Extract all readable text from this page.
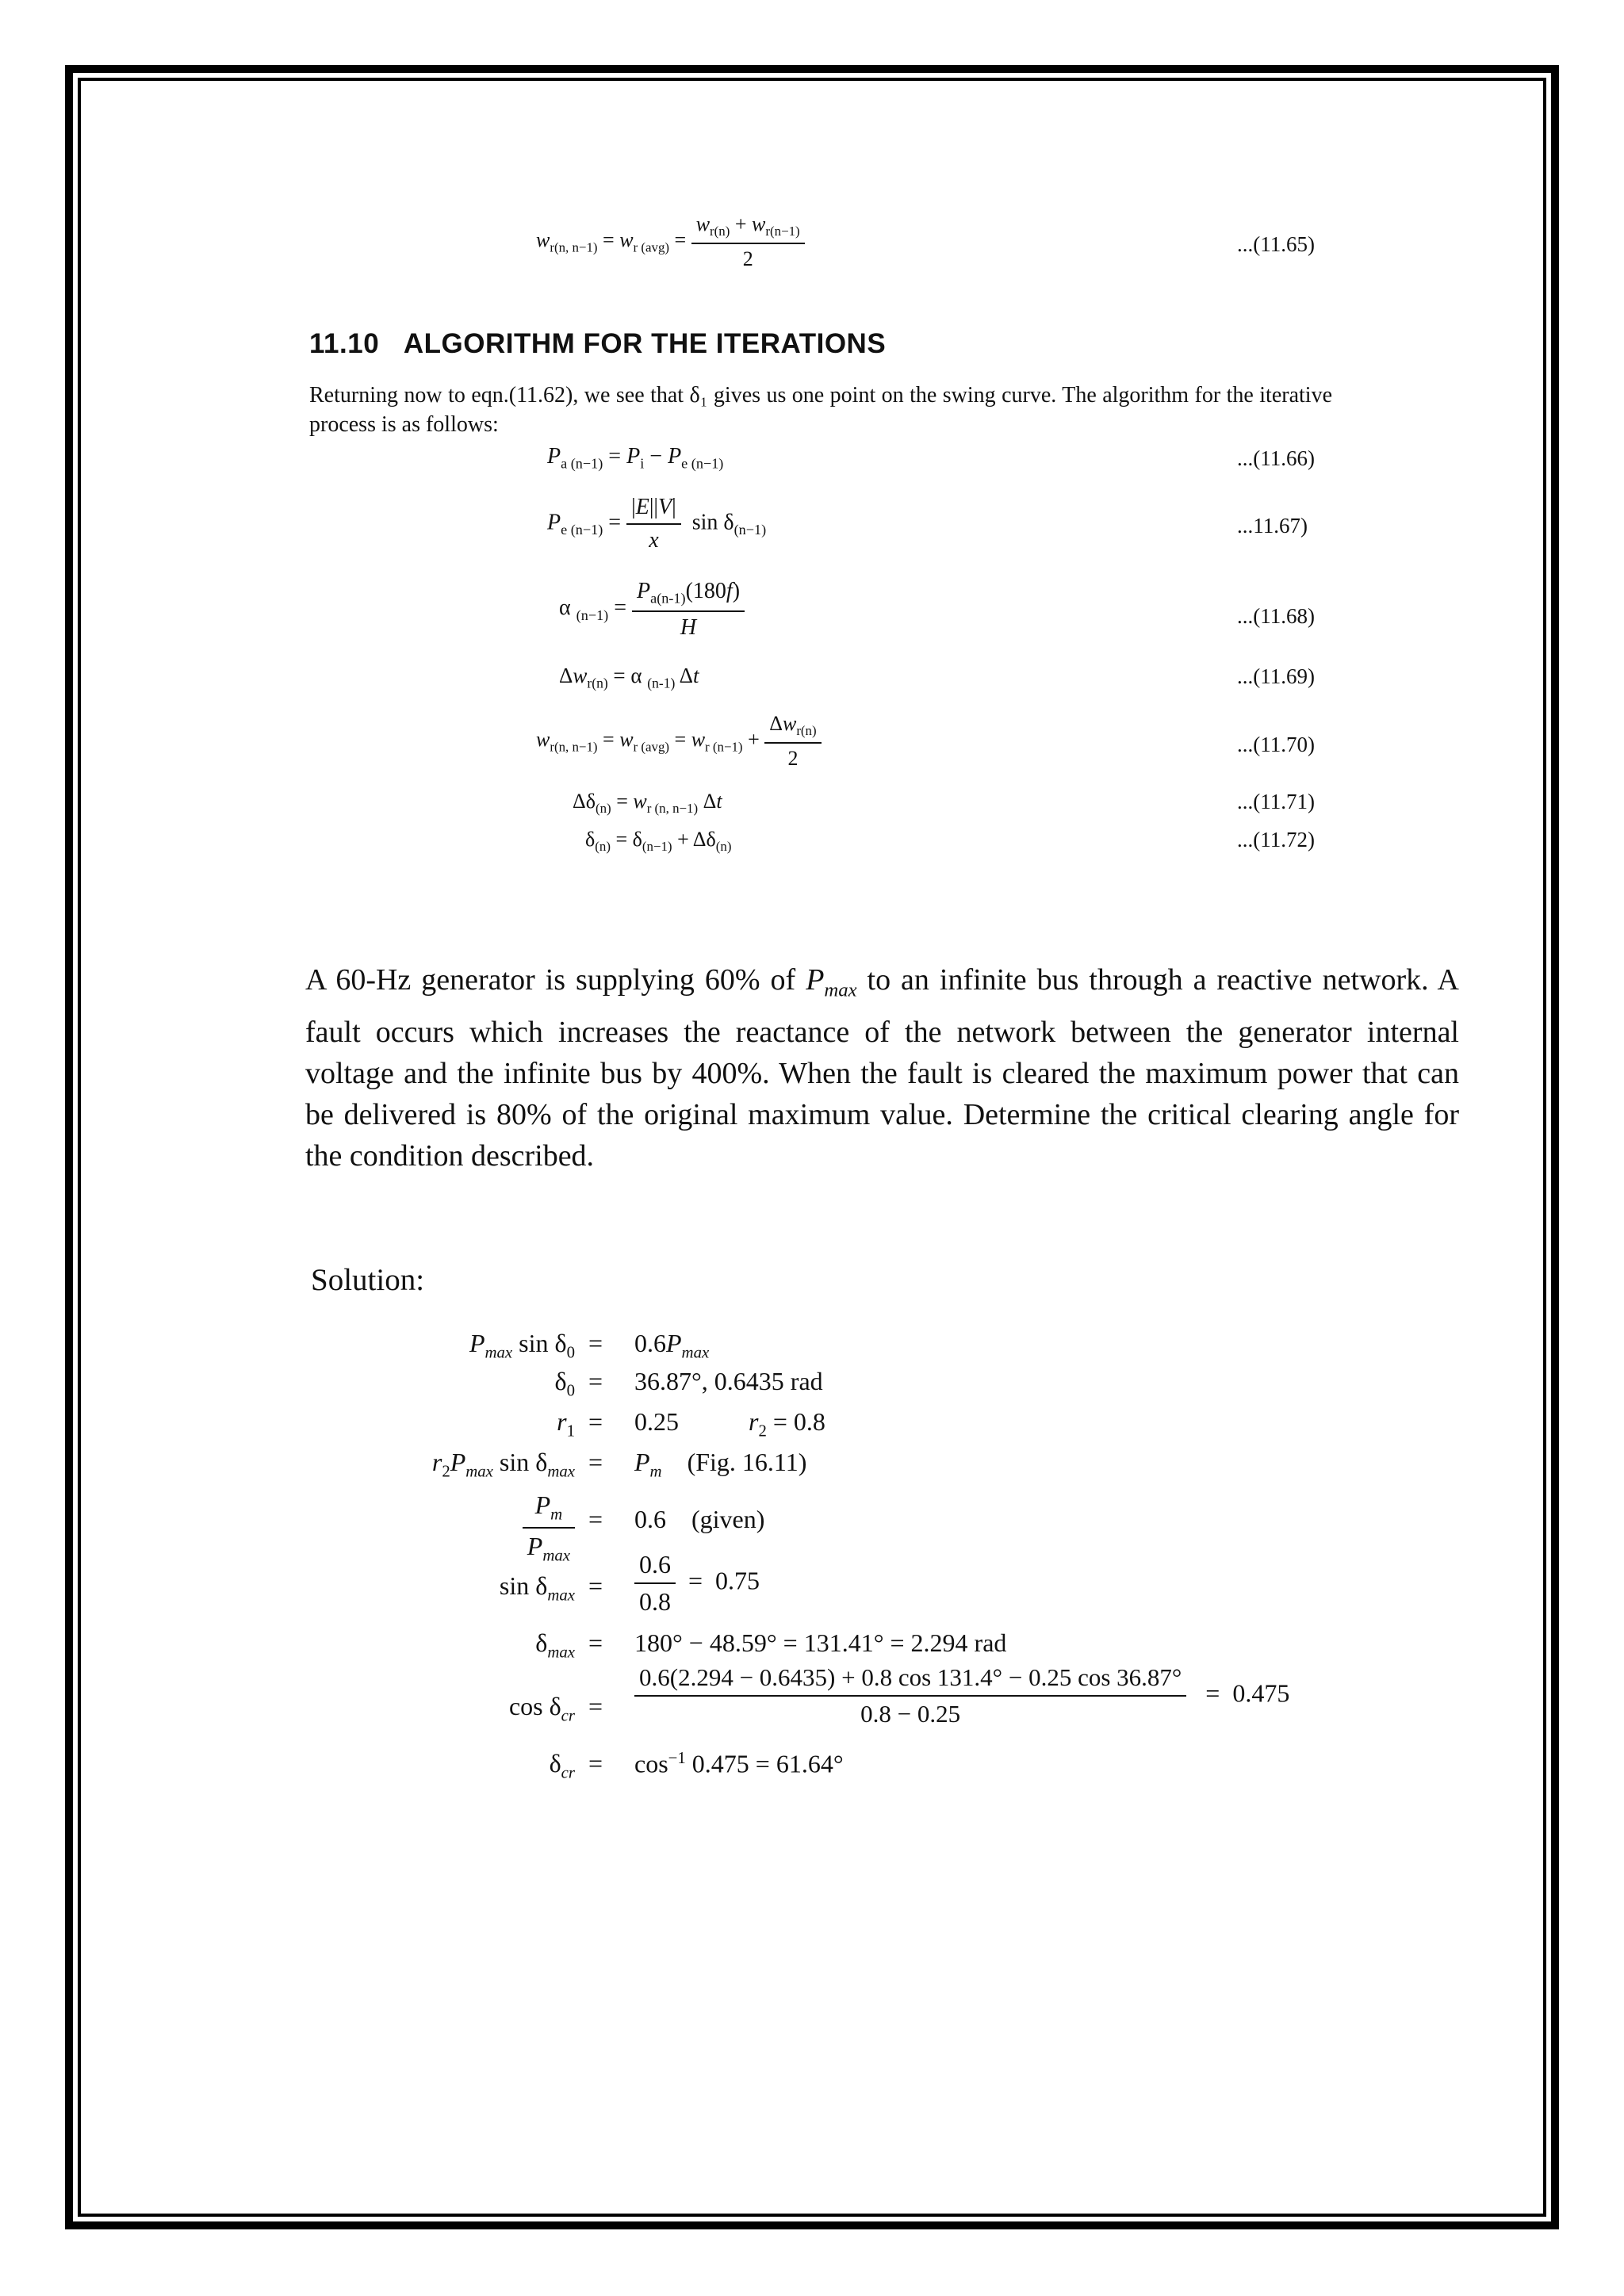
$w_{r(n, n-1)} = w_{r (avg)} = \frac{w_{r(n)} + w_{r(n-1)}}{2}$	...(11.65)
11.10 ALGORITHM FOR THE ITERATIONS
Returning now to eqn.(11.62), we see that δ₁ gives us one point on the swing curve. The algorithm for the iterative process is as follows:
$P_{a (n-1)} = P_i - P_{e (n-1)}$	...(11.66)
$P_{e (n-1)} = \frac{|E||V|}{x}$ $\sin \delta_{(n-1)}$	...11.67)
α $_{(n-1)} = \frac{P_{a(n-1)}(180f)}{H}$	...(11.68)
$\Delta w_{r(n)} = \alpha$ $_{(n-1)}$ Δt	...(11.69)
$w_{r(n, n-1)} = w_{r (avg)} = w_{r (n-1)} + \frac{\Delta w_{r(n)}}{2}$	...(11.70)
$\Delta\delta_{(n)} = w_{r (n, n-1)}$ Δt	...(11.71)
$\delta_{(n)} = \delta_{(n-1)} + \Delta\delta_{(n)}$	...(11.72)
A 60-Hz generator is supplying 60% of $P_{max}$ to an infinite bus through a reactive network. A fault occurs which increases the reactance of the network between the generator internal voltage and the infinite bus by 400%. When the fault is cleared the maximum power that can be delivered is 80% of the original maximum value. Determine the critical clearing angle for the condition described.
Solution:
$P_{max}$ $\sin \delta_0 = 0.6P_{max}$
$\delta_0 = 36.87^\circ$, 0.6435 rad
$r_1 = 0.25$	$r_2 = 0.8$
$r_2P_{max}$ $\sin \delta_{max} = P_m$ (Fig. 16.11)
$\frac{P_m}{P_{max}} = 0.6$ (given)
$\sin \delta_{max} = \frac{0.6}{0.8} = 0.75$
$\delta_{max} = 180^\circ - 48.59^\circ = 131.41^\circ = 2.294$ rad
$\cos \delta_{cr} = \frac{0.6(2.294 - 0.6435) + 0.8 \cos 131.4^\circ - 0.25 \cos 36.87^\circ}{0.8 - 0.25} = 0.475$
$\delta_{cr} = \cos^{-1} 0.475 = 61.64^\circ$
